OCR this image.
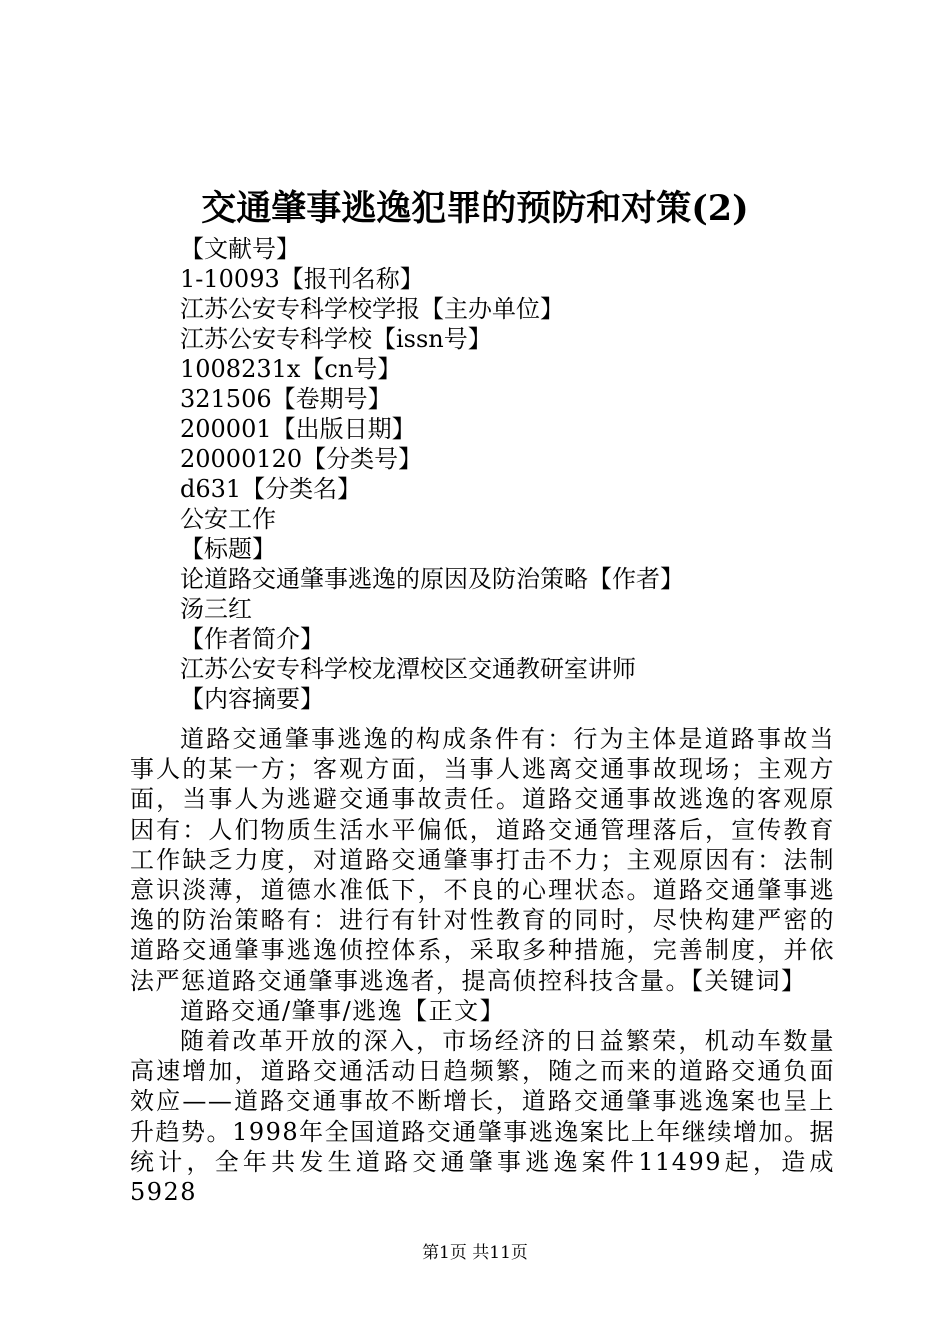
交通肇事逃逸犯罪的预防和对策(2)
【文献号】
1-10093【报刊名称】
江苏公安专科学校学报【主办单位】
江苏公安专科学校【issn号】
1008231x【cn号】
321506【卷期号】
200001【出版日期】
20000120【分类号】
d631【分类名】
公安工作
【标题】
论道路交通肇事逃逸的原因及防治策略【作者】
汤三红
【作者简介】
江苏公安专科学校龙潭校区交通教研室讲师
【内容摘要】

道路交通肇事逃逸的构成条件有：行为主体是道路事故当事人的某一方；客观方面，当事人逃离交通事故现场；主观方面，当事人为逃避交通事故责任。道路交通事故逃逸的客观原因有：人们物质生活水平偏低，道路交通管理落后，宣传教育工作缺乏力度，对道路交通肇事打击不力；主观原因有：法制意识淡薄，道德水准低下，不良的心理状态。道路交通肇事逃逸的防治策略有：进行有针对性教育的同时，尽快构建严密的道路交通肇事逃逸侦控体系，采取多种措施，完善制度，并依法严惩道路交通肇事逃逸者，提高侦控科技含量。【关键词】

道路交通/肇事/逃逸【正文】

随着改革开放的深入，市场经济的日益繁荣，机动车数量高速增加，道路交通活动日趋频繁，随之而来的道路交通负面效应——道路交通事故不断增长，道路交通肇事逃逸案也呈上升趋势。1998年全国道路交通肇事逃逸案比上年继续增加。据统计，全年共发生道路交通肇事逃逸案件11499起，造成5928

第1页 共11页
